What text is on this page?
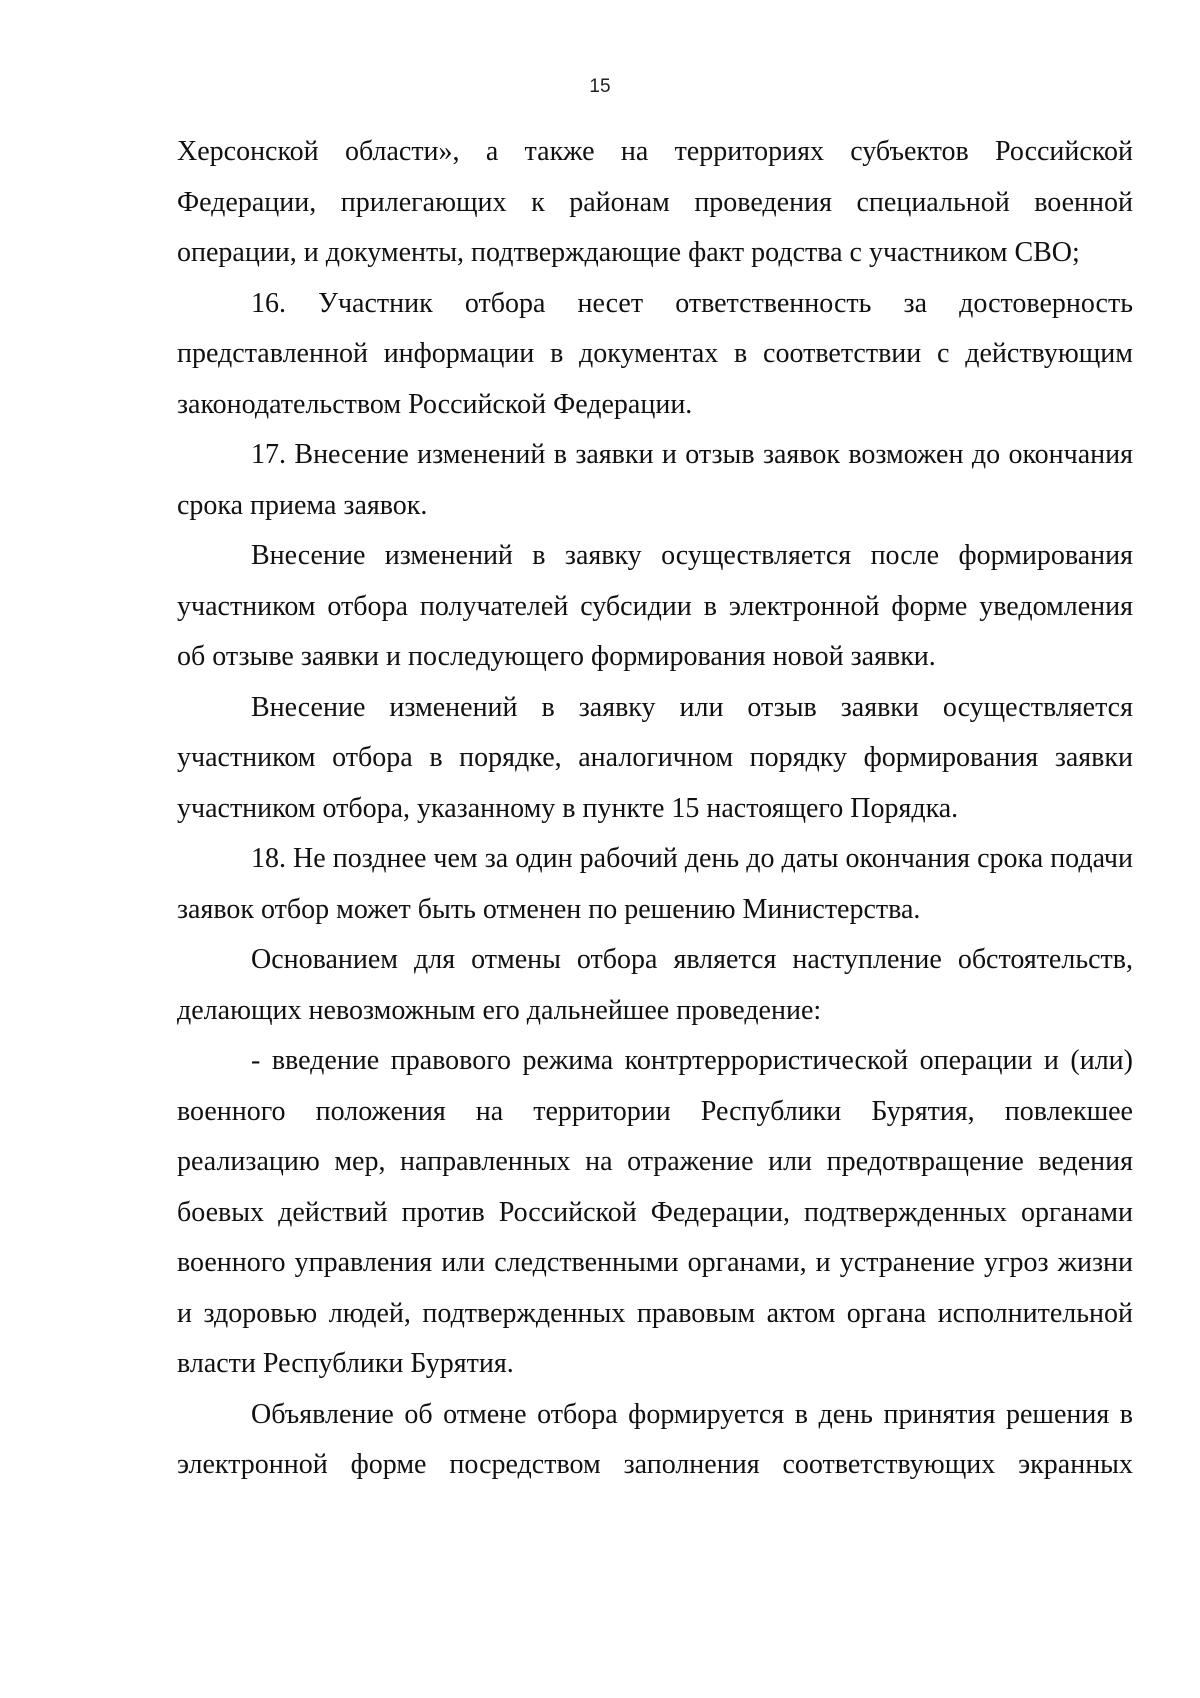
15

Херсонской области», а также на территориях субъектов Российской Федерации, прилегающих к районам проведения специальной военной операции, и документы, подтверждающие факт родства с участником СВО;

16. Участник отбора несет ответственность за достоверность представленной информации в документах в соответствии с действующим законодательством Российской Федерации.

17. Внесение изменений в заявки и отзыв заявок возможен до окончания срока приема заявок.

Внесение изменений в заявку осуществляется после формирования участником отбора получателей субсидии в электронной форме уведомления об отзыве заявки и последующего формирования новой заявки.

Внесение изменений в заявку или отзыв заявки осуществляется участником отбора в порядке, аналогичном порядку формирования заявки участником отбора, указанному в пункте 15 настоящего Порядка.

18. Не позднее чем за один рабочий день до даты окончания срока подачи заявок отбор может быть отменен по решению Министерства.

Основанием для отмены отбора является наступление обстоятельств, делающих невозможным его дальнейшее проведение:

- введение правового режима контртеррористической операции и (или) военного положения на территории Республики Бурятия, повлекшее реализацию мер, направленных на отражение или предотвращение ведения боевых действий против Российской Федерации, подтвержденных органами военного управления или следственными органами, и устранение угроз жизни и здоровью людей, подтвержденных правовым актом органа исполнительной власти Республики Бурятия.

Объявление об отмене отбора формируется в день принятия решения в электронной форме посредством заполнения соответствующих экранных
